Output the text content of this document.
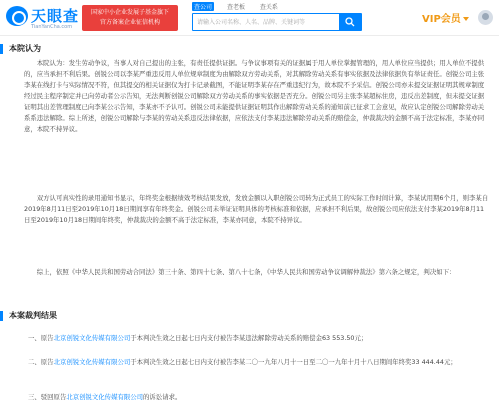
天眼查
TianYanCha.com
国家中小企业发展子基金旗下
官方备案企业征信机构
查公司 查老板 查关系
请输入公司名称、人名、品牌、关键词等
VIP会员
本院认为

本院认为：发生劳动争议，当事人对自己提出的主张，有责任提供证据。与争议事项有关的证据属于用人单位掌握管理的，用人单位应当提供；用人单位不提供的，应当承担不利后果。创锐公司以李某严重违反用人单位规章制度为由解除双方劳动关系，对其解除劳动关系有事实依据及法律依据负有举证责任。创锐公司主张李某在线打卡与实际情况不符，但其提交的相关证据仅为打卡记录截图，不能证明李某存在严重违纪行为，故本院不予采信。创锐公司亦未提交证据证明其规章制度经过民主程序制定并已向劳动者公示告知，无法判断创锐公司解除双方劳动关系的事实依据是否充分。创锐公司另主张李某超标住房，违反出差制度，但未提交证据证明其出差管理制度已向李某公示告知，李某亦不予认可。创锐公司未能提供证据证明其作出解除劳动关系的通知前已征求工会意见，故应认定创锐公司解除劳动关系系违法解除。综上所述，创锐公司解除与李某的劳动关系违反法律依据，应依法支付李某违法解除劳动关系的赔偿金，仲裁裁决的金额不高于法定标准，李某亦同意，本院不持异议。

双方认可真实性的录用通知书显示，年终奖金根据绩效考核结果发放，发放金额以入职创锐公司转为正式员工的实际工作时间计算，李某试用期6个月，则李某自2019年8月11日至2019年10月18日期间享有年终奖金。创锐公司未举证证明具体的考核标准和依据，应承担不利后果，故创锐公司应依法支付李某2019年8月11日至2019年10月18日期间年终奖，仲裁裁决的金额不高于法定标准，李某亦同意，本院不持异议。

综上，依照《中华人民共和国劳动合同法》第三十条、第四十七条、第八十七条，《中华人民共和国劳动争议调解仲裁法》第六条之规定，判决如下：

本案裁判结果

一、原告北京创锐文化传媒有限公司于本判决生效之日起七日内支付被告李某违法解除劳动关系的赔偿金63 553.50元；

二、原告北京创锐文化传媒有限公司于本判决生效之日起七日内支付被告李某二〇一九年八月十一日至二〇一九年十月十八日期间年终奖33 444.44元；

三、驳回原告北京创锐文化传媒有限公司的诉讼请求。
